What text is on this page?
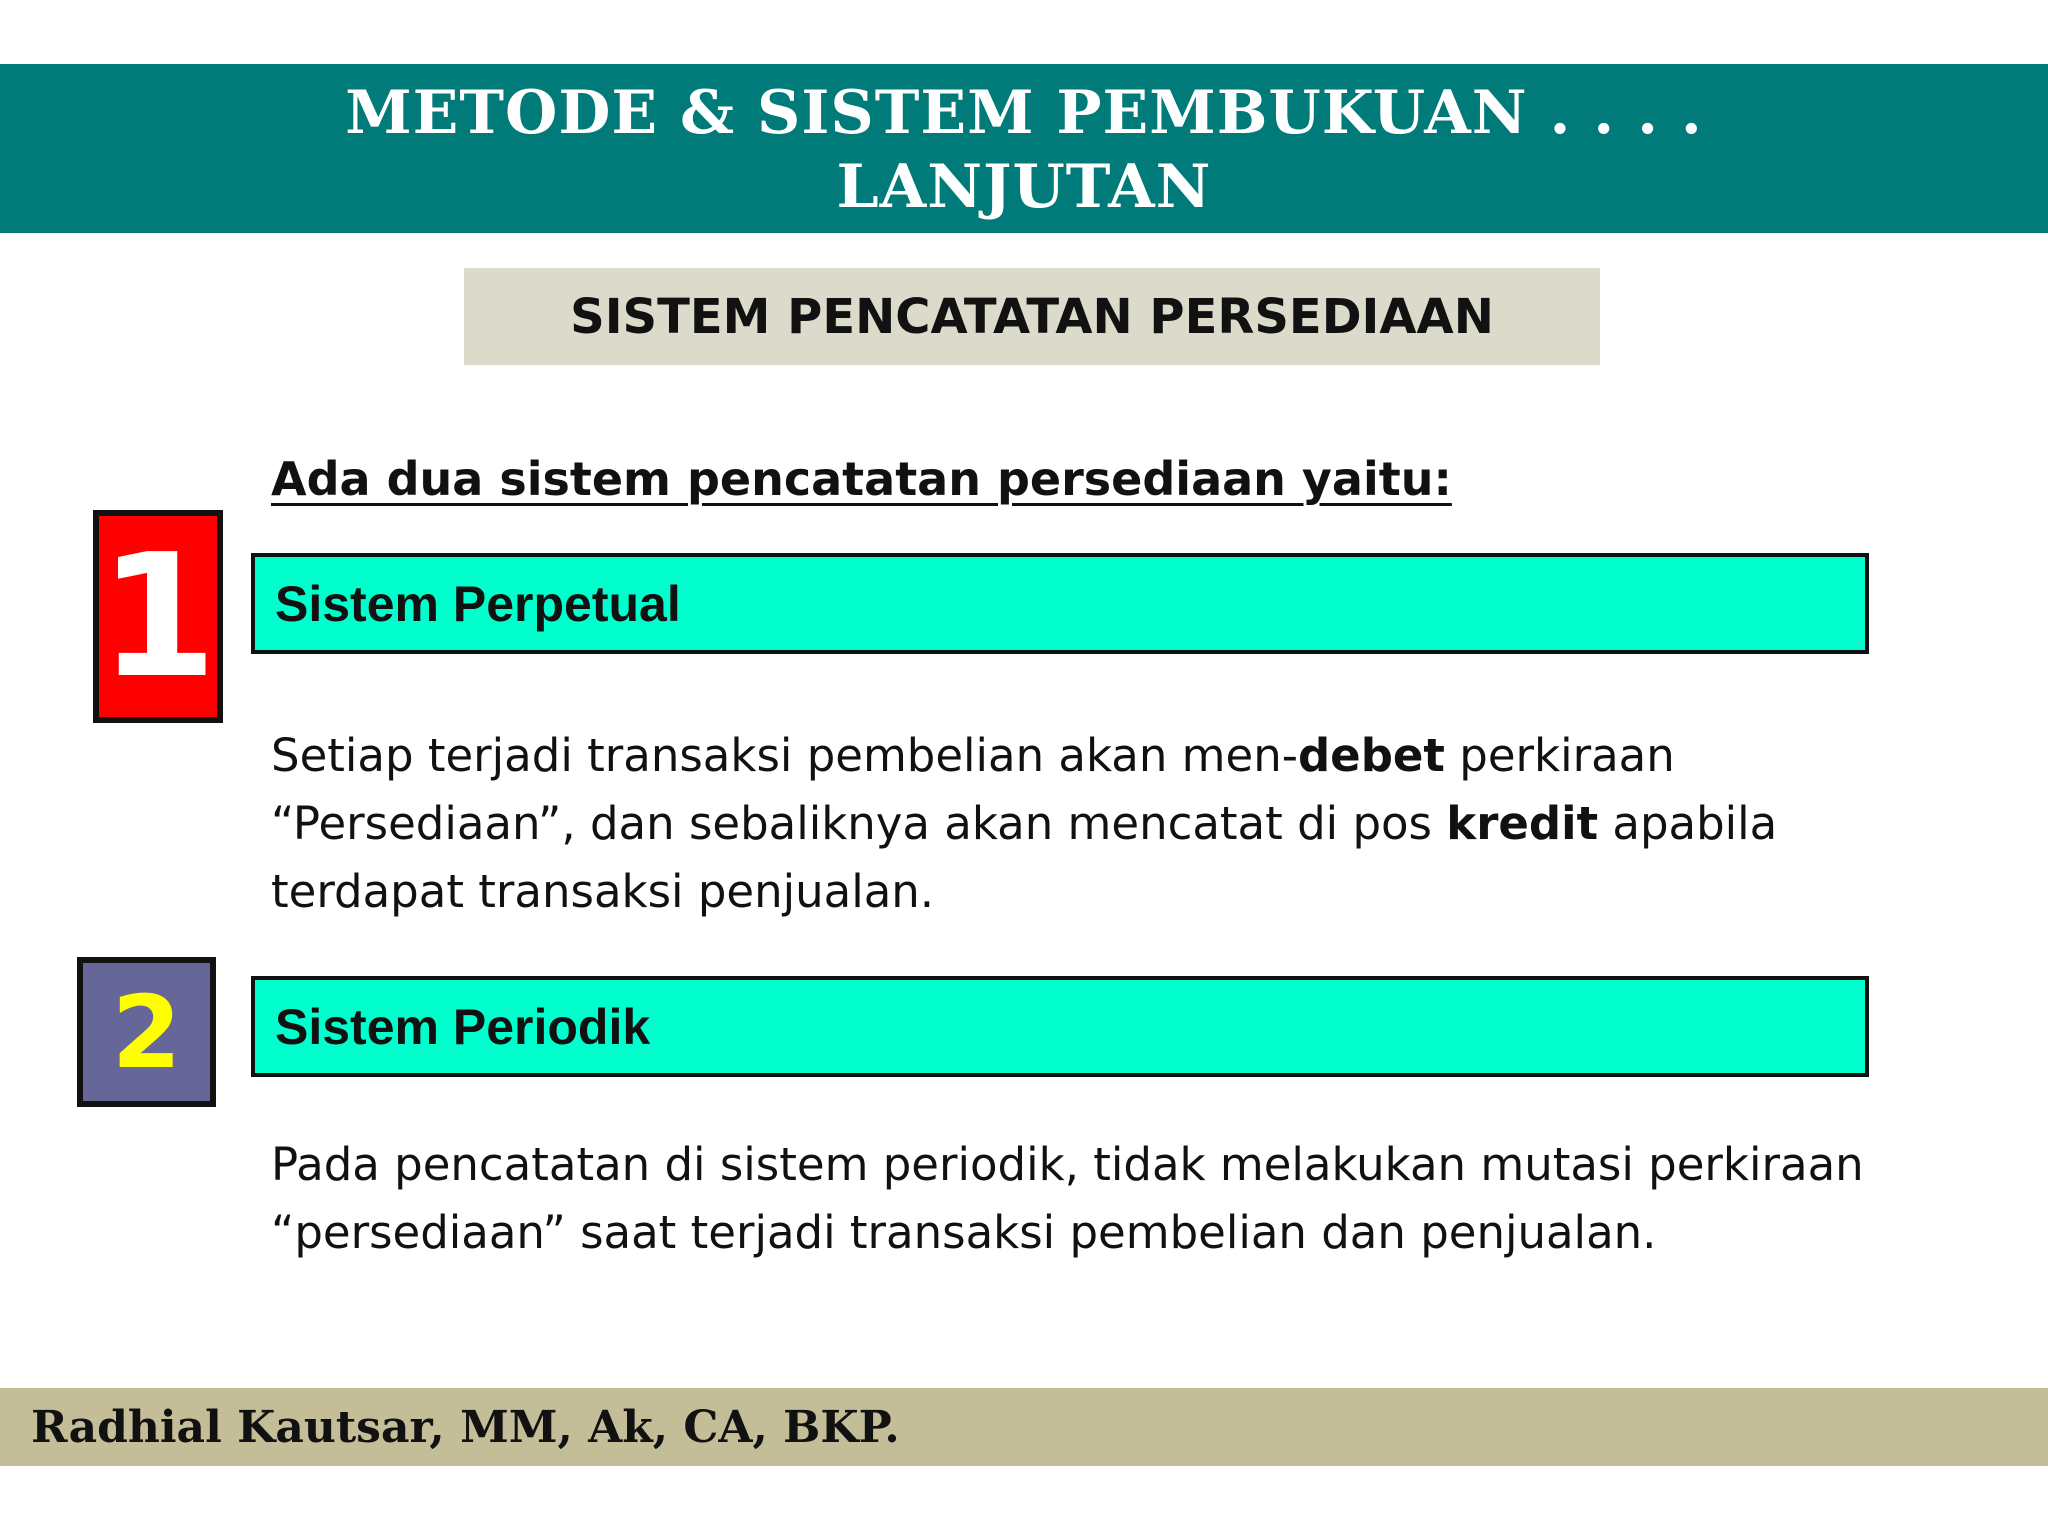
METODE & SISTEM PEMBUKUAN . . . .
LANJUTAN
SISTEM PENCATATAN PERSEDIAAN
Ada dua sistem pencatatan persediaan yaitu:
1 Sistem Perpetual
Setiap terjadi transaksi pembelian akan men-debet perkiraan
“Persediaan”, dan sebaliknya akan mencatat di pos kredit apabila
terdapat transaksi penjualan.
2	Sistem Periodik
Pada pencatatan di sistem periodik, tidak melakukan mutasi perkiraan
“persediaan” saat terjadi transaksi pembelian dan penjualan.
Radhial Kautsar, MM, Ak, CA, BKP.
